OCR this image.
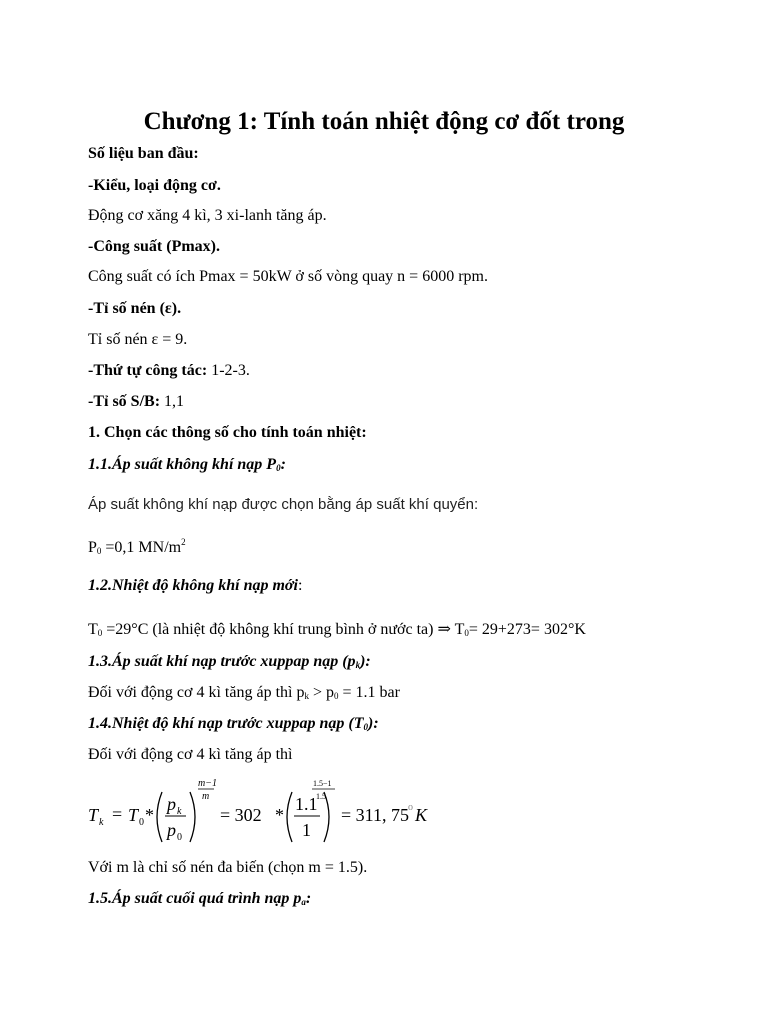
Chương 1: Tính toán nhiệt động cơ đốt trong
Số liệu ban đầu:
-Kiểu, loại động cơ.
Động cơ xăng 4 kì, 3 xi-lanh tăng áp.
-Công suất (Pmax).
Công suất có ích Pmax = 50kW ở số vòng quay n = 6000 rpm.
-Tỉ số nén (ε).
Tỉ số nén ε = 9.
-Thứ tự công tác: 1-2-3.
-Tỉ số S/B: 1,1
1. Chọn các thông số cho tính toán nhiệt:
1.1.Áp suất không khí nạp $P_0$:
Áp suất không khí nạp được chọn bằng áp suất khí quyển:
$P_0 =0,1$ $MN/m^2$
1.2.Nhiệt độ không khí nạp mới:
$T_0 =29^\circ C$ (là nhiệt độ không khí trung bình ở nước ta) ⇒ $T_0= 29+273= 302^\circ K$
1.3.Áp suất khí nạp trước xuppap nạp $(p_k)$:
Đối với động cơ 4 kì tăng áp thì $p_k > p_0 = 1.1$ bar
1.4.Nhiệt độ khí nạp trước xuppap nạp $(T_0)$:
Đối với động cơ 4 kì tăng áp thì
T k = T 0 *
p k
p 0
m−1
m
= 302 *
1.1
1
1.5−1
1.5
= 311, 75 o K
Với m là chỉ số nén đa biến (chọn m = 1.5).
1.5.Áp suất cuối quá trình nạp $p_a$:
